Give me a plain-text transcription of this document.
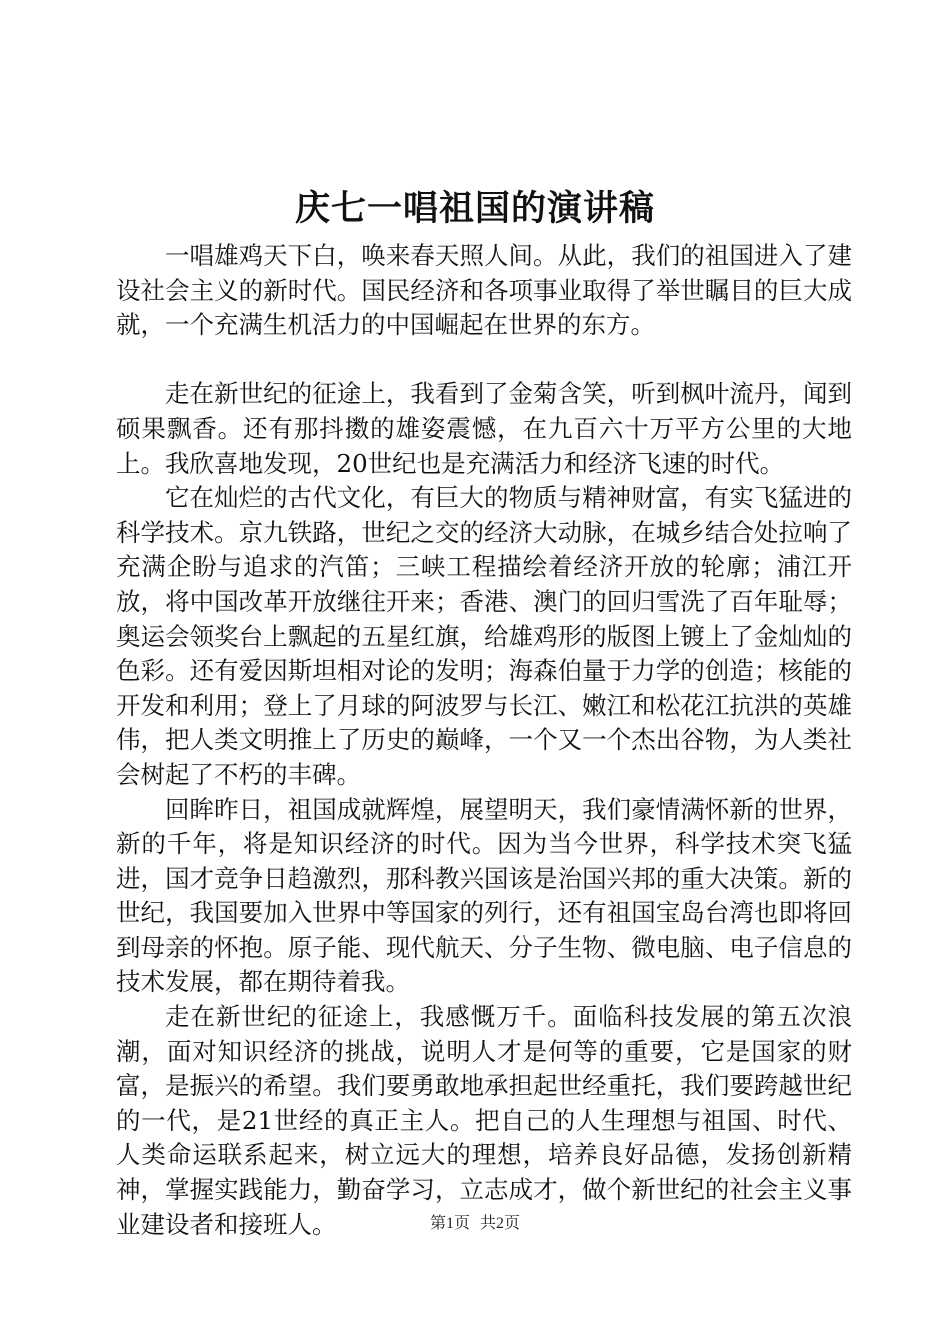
庆七一唱祖国的演讲稿

一唱雄鸡天下白，唤来春天照人间。从此，我们的祖国进入了建设社会主义的新时代。国民经济和各项事业取得了举世瞩目的巨大成就，一个充满生机活力的中国崛起在世界的东方。

走在新世纪的征途上，我看到了金菊含笑，听到枫叶流丹，闻到硕果飘香。还有那抖擞的雄姿震憾，在九百六十万平方公里的大地上。我欣喜地发现，20世纪也是充满活力和经济飞速的时代。

它在灿烂的古代文化，有巨大的物质与精神财富，有实飞猛进的科学技术。京九铁路，世纪之交的经济大动脉，在城乡结合处拉响了充满企盼与追求的汽笛；三峡工程描绘着经济开放的轮廓；浦江开放，将中国改革开放继往开来；香港、澳门的回归雪洗了百年耻辱；奥运会领奖台上飘起的五星红旗，给雄鸡形的版图上镀上了金灿灿的色彩。还有爱因斯坦相对论的发明；海森伯量于力学的创造；核能的开发和利用；登上了月球的阿波罗与长江、嫩江和松花江抗洪的英雄伟，把人类文明推上了历史的巅峰，一个又一个杰出谷物，为人类社会树起了不朽的丰碑。

回眸昨日，祖国成就辉煌，展望明天，我们豪情满怀新的世界，新的千年，将是知识经济的时代。因为当今世界，科学技术突飞猛进，国才竞争日趋激烈，那科教兴国该是治国兴邦的重大决策。新的世纪，我国要加入世界中等国家的列行，还有祖国宝岛台湾也即将回到母亲的怀抱。原子能、现代航天、分子生物、微电脑、电子信息的技术发展，都在期待着我。

走在新世纪的征途上，我感慨万千。面临科技发展的第五次浪潮，面对知识经济的挑战，说明人才是何等的重要，它是国家的财富，是振兴的希望。我们要勇敢地承担起世经重托，我们要跨越世纪的一代，是21世经的真正主人。把自己的人生理想与祖国、时代、人类命运联系起来，树立远大的理想，培养良好品德，发扬创新精神，掌握实践能力，勤奋学习，立志成才，做个新世纪的社会主义事业建设者和接班人。	第1页 共2页
